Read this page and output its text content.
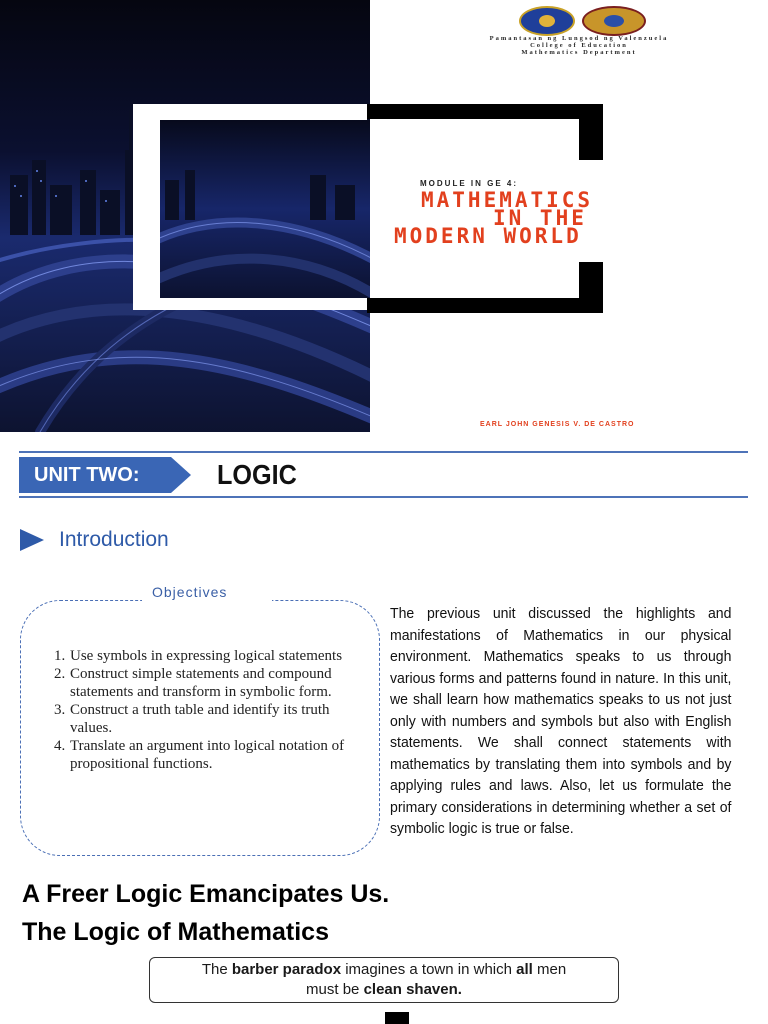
Pamantasan ng Lungsod ng Valenzuela
College of Education
Mathematics Department
MODULE IN GE 4:
MATHEMATICS
IN THE
MODERN WORLD
EARL JOHN GENESIS V. DE CASTRO
UNIT TWO:	LOGIC
Introduction
Objectives
1. Use symbols in expressing logical statements
2. Construct simple statements and compound statements and transform in symbolic form.
3. Construct a truth table and identify its truth values.
4. Translate an argument into logical notation of propositional functions.
The previous unit discussed the highlights and manifestations of Mathematics in our physical environment. Mathematics speaks to us through various forms and patterns found in nature. In this unit, we shall learn how mathematics speaks to us not just only with numbers and symbols but also with English statements. We shall connect statements with mathematics by translating them into symbols and by applying rules and laws. Also, let us formulate the primary considerations in determining whether a set of symbolic logic is true or false.
A Freer Logic Emancipates Us.
The Logic of Mathematics
The barber paradox imagines a town in which all men
must be clean shaven.
